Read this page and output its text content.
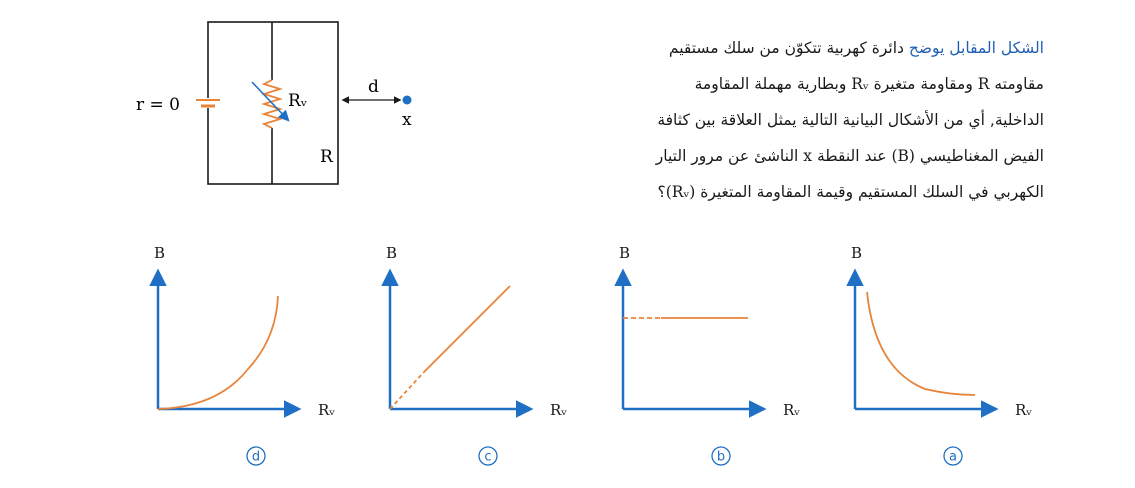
الشكل المقابل يوضح دائرة كهربية تتكوّن من سلك مستقيم
مقاومته R ومقاومة متغيرة Rᵥ وبطارية مهملة المقاومة
الداخلية, أي من الأشكال البيانية التالية يمثل العلاقة بين كثافة
الفيض المغناطيسي (B) عند النقطة x الناشئ عن مرور التيار
الكهربي في السلك المستقيم وقيمة المقاومة المتغيرة (Rᵥ)؟
r = 0	Rᵥ
R
d
x
B
Rᵥ
d
B
Rᵥ
c
B
Rᵥ
b
B
Rᵥ
a
